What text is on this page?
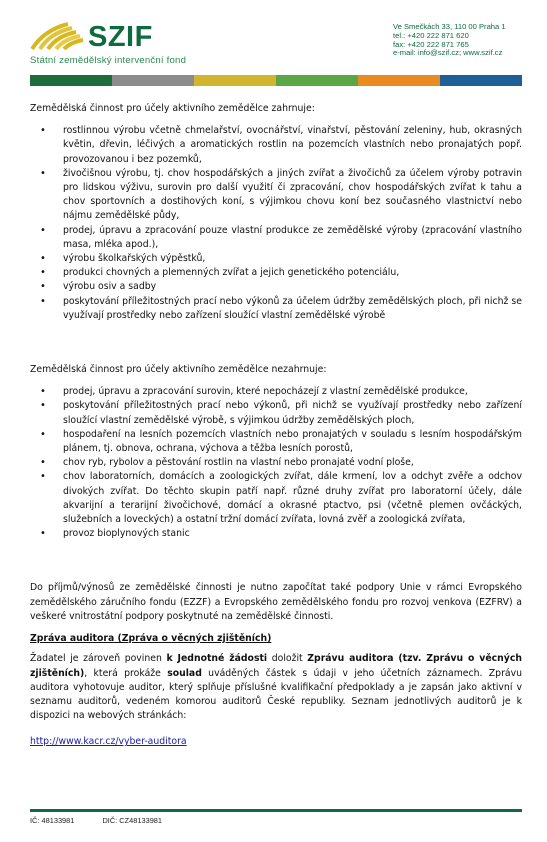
SZIF
Státní zemědělský intervenční fond
Ve Smečkách 33, 110 00 Praha 1
tel.: +420 222 871 620
fax: +420 222 871 765
e-mail: info@szif.cz; www.szif.cz

Zemědělská činnost pro účely aktivního zemědělce zahrnuje:

• rostlinnou výrobu včetně chmelařství, ovocnářství, vinařství, pěstování zeleniny, hub, okrasných květin, dřevin, léčivých a aromatických rostlin na pozemcích vlastních nebo pronajatých popř. provozovanou i bez pozemků,
• živočišnou výrobu, tj. chov hospodářských a jiných zvířat a živočichů za účelem výroby potravin pro lidskou výživu, surovin pro další využití či zpracování, chov hospodářských zvířat k tahu a chov sportovních a dostihových koní, s výjimkou chovu koní bez současného vlastnictví nebo nájmu zemědělské půdy,
• prodej, úpravu a zpracování pouze vlastní produkce ze zemědělské výroby (zpracování vlastního masa, mléka apod.),
• výrobu školkařských výpěstků,
• produkci chovných a plemenných zvířat a jejich genetického potenciálu,
• výrobu osiv a sadby
• poskytování příležitostných prací nebo výkonů za účelem údržby zemědělských ploch, při nichž se využívají prostředky nebo zařízení sloužící vlastní zemědělské výrobě

Zemědělská činnost pro účely aktivního zemědělce nezahrnuje:

• prodej, úpravu a zpracování surovin, které nepocházejí z vlastní zemědělské produkce,
• poskytování příležitostných prací nebo výkonů, při nichž se využívají prostředky nebo zařízení sloužící vlastní zemědělské výrobě, s výjimkou údržby zemědělských ploch,
• hospodaření na lesních pozemcích vlastních nebo pronajatých v souladu s lesním hospodářským plánem, tj. obnova, ochrana, výchova a těžba lesních porostů,
• chov ryb, rybolov a pěstování rostlin na vlastní nebo pronajaté vodní ploše,
• chov laboratorních, domácích a zoologických zvířat, dále krmení, lov a odchyt zvěře a odchov divokých zvířat. Do těchto skupin patří např. různé druhy zvířat pro laboratorní účely, dále akvarijní a terarijní živočichové, domácí a okrasné ptactvo, psi (včetně plemen ovčáckých, služebních a loveckých) a ostatní tržní domácí zvířata, lovná zvěř a zoologická zvířata,
• provoz bioplynových stanic

Do příjmů/výnosů ze zemědělské činnosti je nutno započítat také podpory Unie v rámci Evropského zemědělského záručního fondu (EZZF) a Evropského zemědělského fondu pro rozvoj venkova (EZFRV) a veškeré vnitrostátní podpory poskytnuté na zemědělské činnosti.

Zpráva auditora (Zpráva o věcných zjištěních)

Žadatel je zároveň povinen k Jednotné žádosti doložit Zprávu auditora (tzv. Zprávu o věcných zjištěních), která prokáže soulad uváděných částek s údaji v jeho účetních záznamech. Zprávu auditora vyhotovuje auditor, který splňuje příslušné kvalifikační předpoklady a je zapsán jako aktivní v seznamu auditorů, vedeném komorou auditorů České republiky. Seznam jednotlivých auditorů je k dispozici na webových stránkách:

http://www.kacr.cz/vyber-auditora
IČ: 48133981	DIČ: CZ48133981
